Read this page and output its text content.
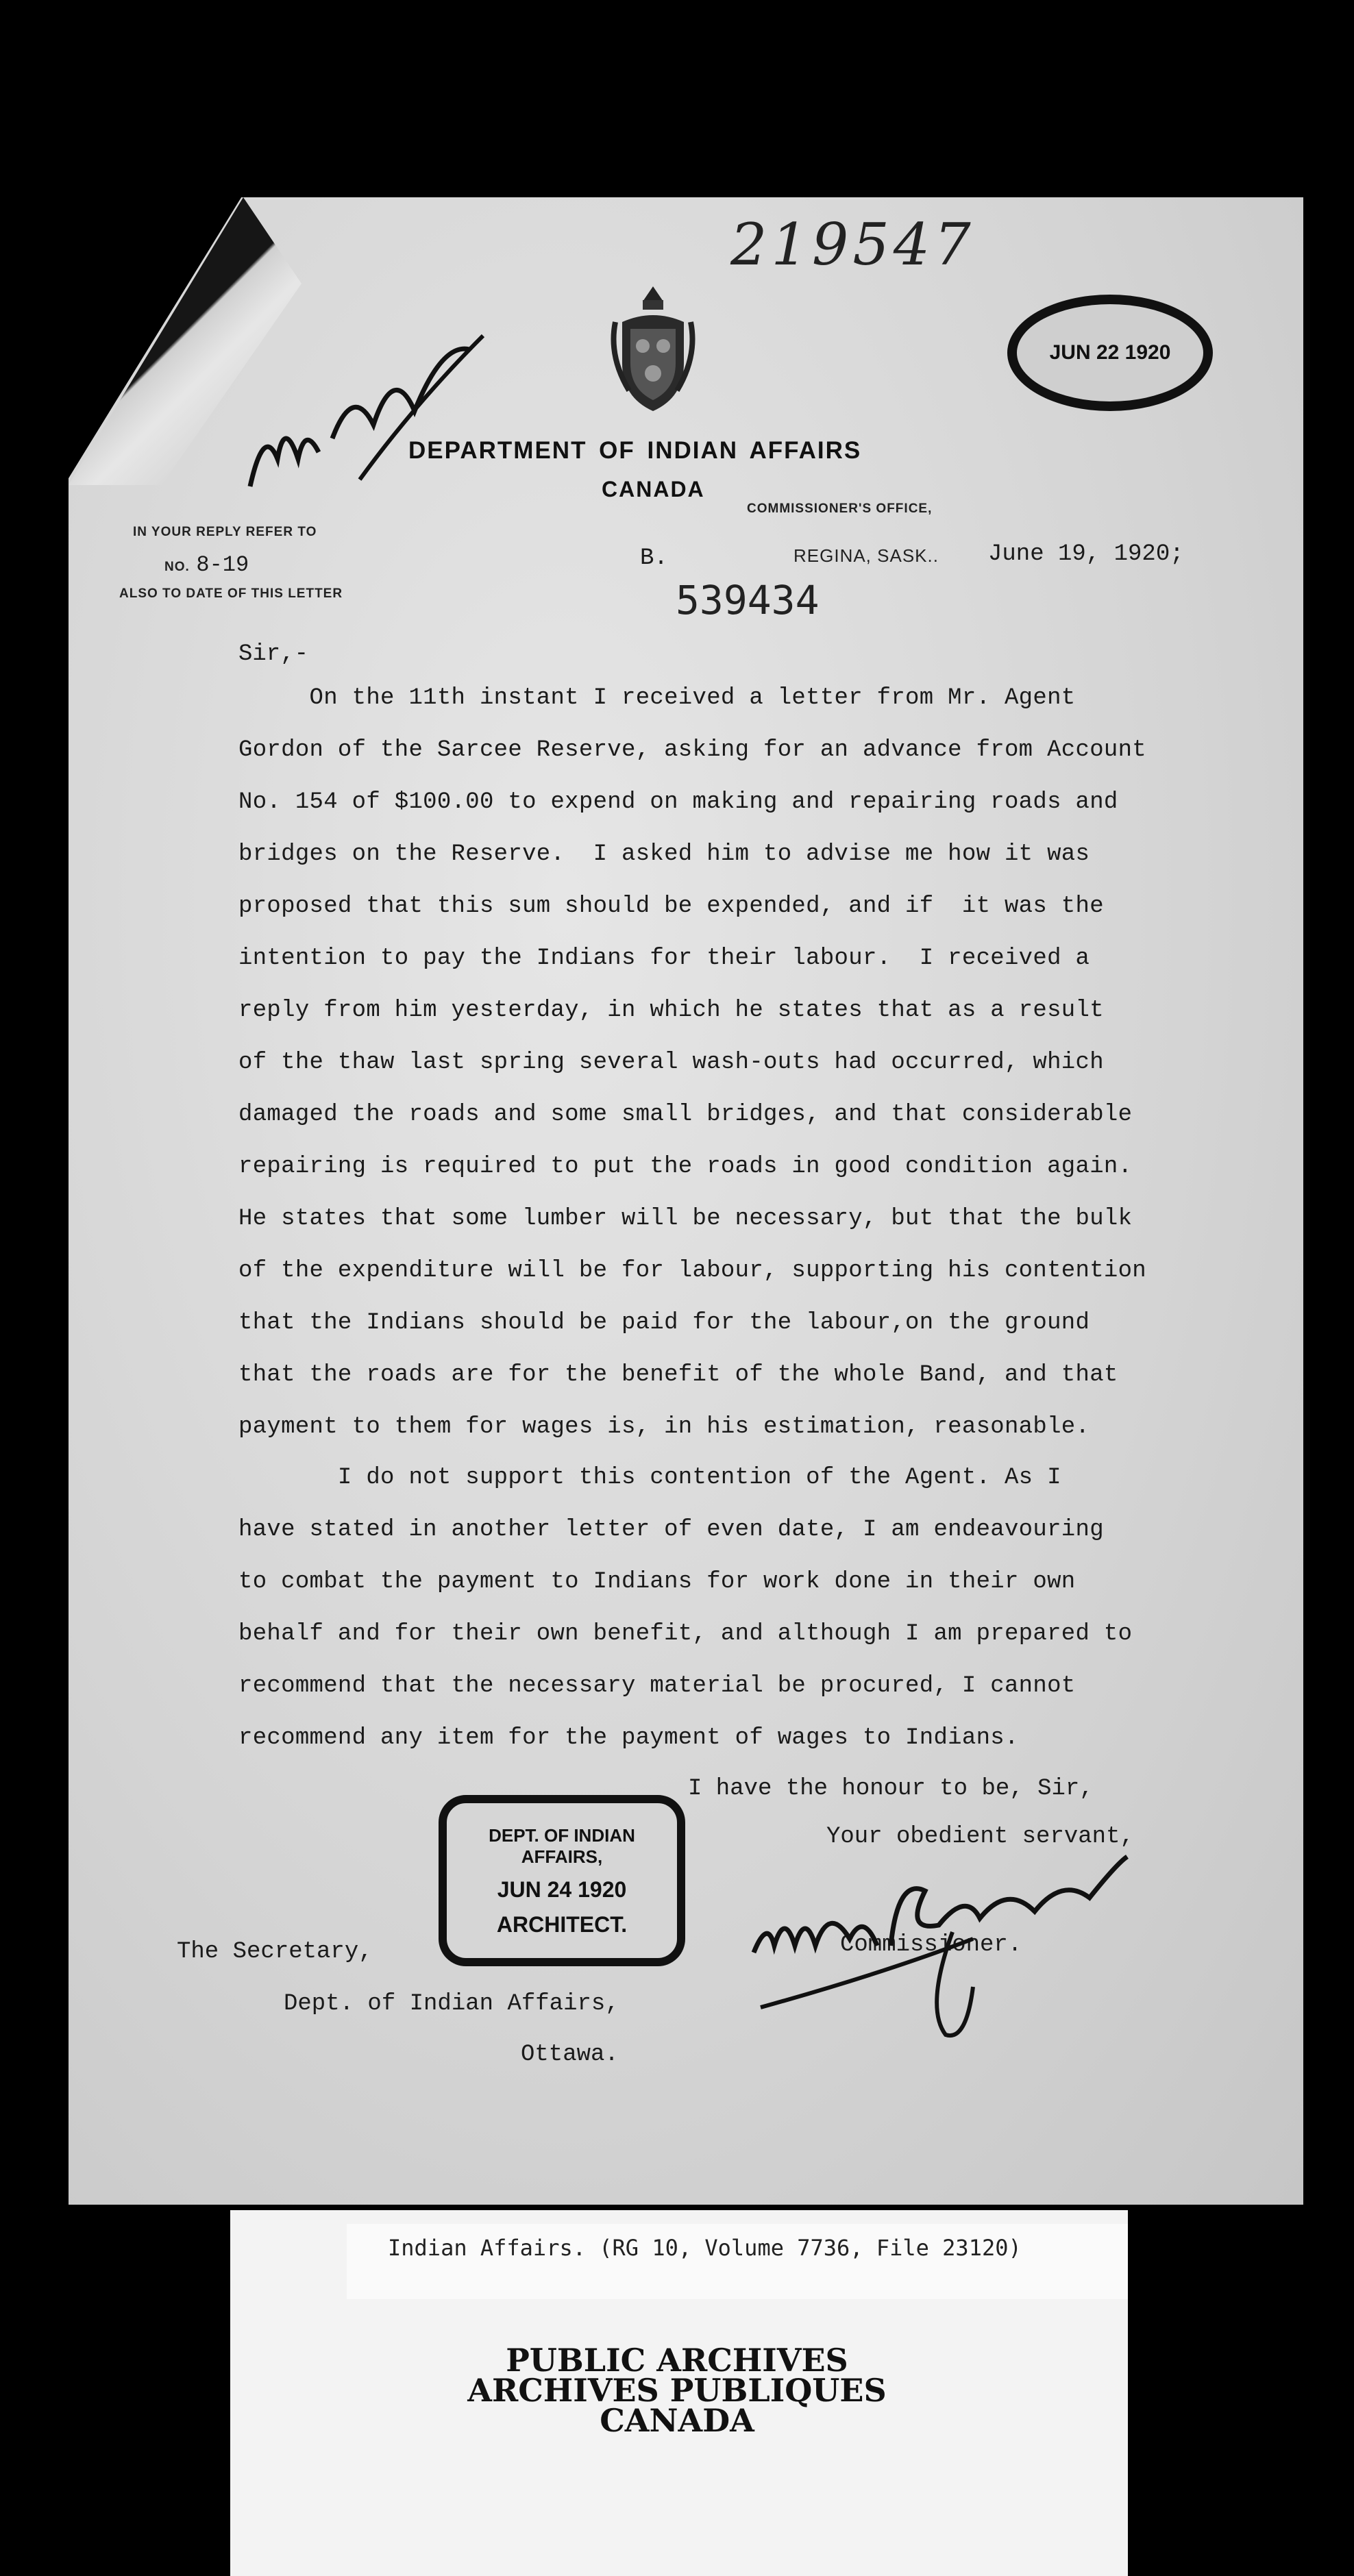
219547
DEPARTMENT OF INDIAN AFFAIRS
CANADA
COMMISSIONER'S OFFICE,
IN YOUR REPLY REFER TO
NO. 8-19
ALSO TO DATE OF THIS LETTER
B.	REGINA, SASK.. June 19, 1920;
539434
JUN 22 1920
Sir,-
On the 11th instant I received a letter from Mr. Agent
Gordon of the Sarcee Reserve, asking for an advance from Account
No. 154 of $100.00 to expend on making and repairing roads and
bridges on the Reserve.  I asked him to advise me how it was
proposed that this sum should be expended, and if  it was the
intention to pay the Indians for their labour.  I received a
reply from him yesterday, in which he states that as a result
of the thaw last spring several wash-outs had occurred, which
damaged the roads and some small bridges, and that considerable
repairing is required to put the roads in good condition again.
He states that some lumber will be necessary, but that the bulk
of the expenditure will be for labour, supporting his contention
that the Indians should be paid for the labour,on the ground
that the roads are for the benefit of the whole Band, and that
payment to them for wages is, in his estimation, reasonable.
I do not support this contention of the Agent. As I
have stated in another letter of even date, I am endeavouring
to combat the payment to Indians for work done in their own
behalf and for their own benefit, and although I am prepared to
recommend that the necessary material be procured, I cannot
recommend any item for the payment of wages to Indians.
I have the honour to be, Sir,
Your obedient servant,
Commissioner.
DEPT. OF INDIAN AFFAIRS,
JUN 24 1920
ARCHITECT.
The Secretary,
Dept. of Indian Affairs,
Ottawa.
Indian Affairs. (RG 10, Volume 7736, File 23120)
PUBLIC ARCHIVES
ARCHIVES PUBLIQUES
CANADA
